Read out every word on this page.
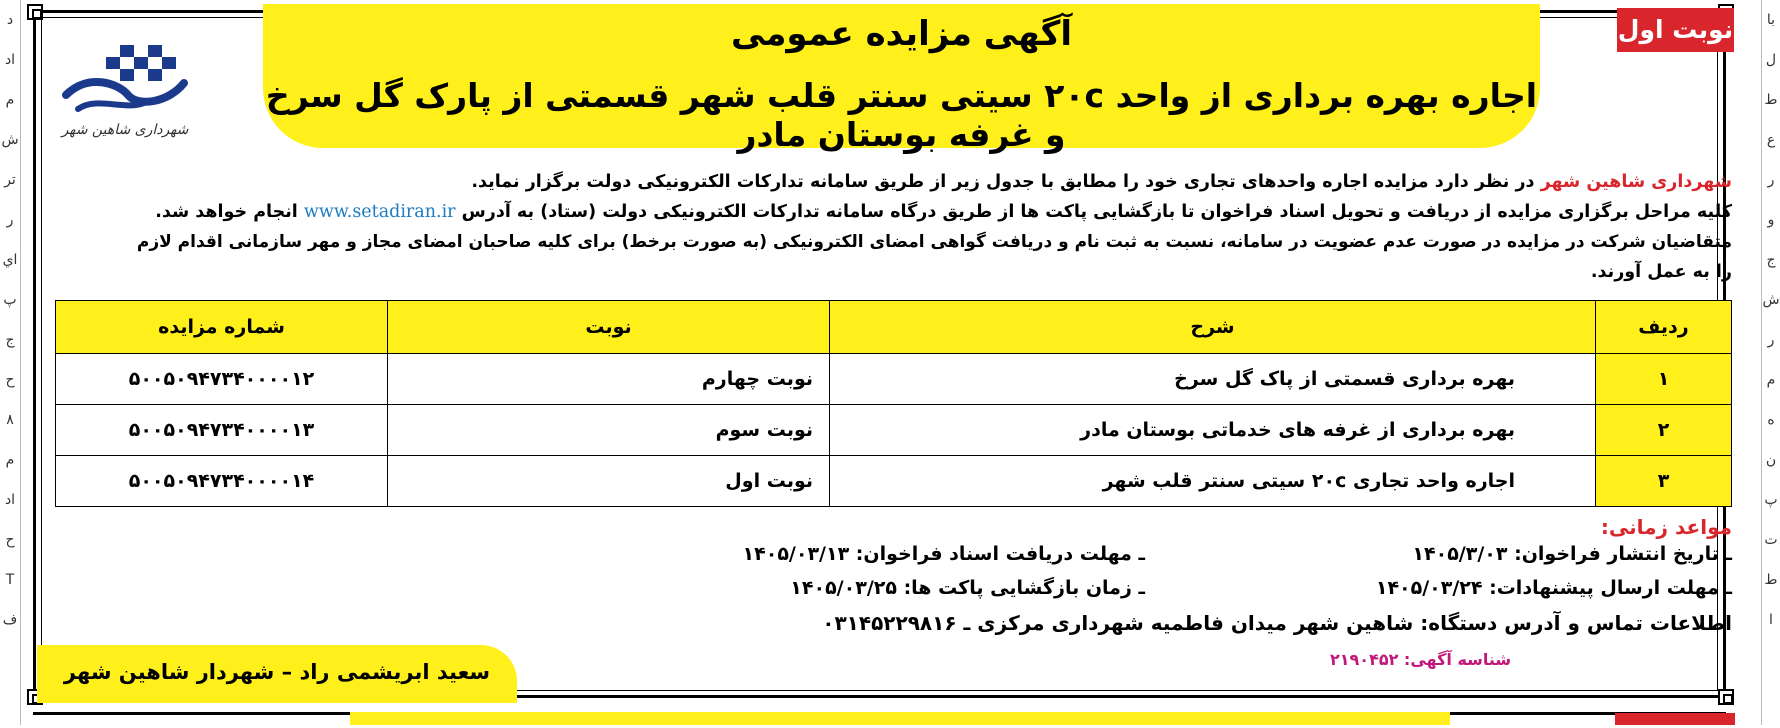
د
اد
م
ش
تر
ر
اي
پ
ج
ح
٨
م
اد
ح
T
ف
با
ل
ط
ع
ر
و
ج
ش
ر
م
ه
ن
پ
ت
ط
ا
آگهی مزایده عمومی
اجاره بهره برداری از واحد ۲۰c سیتی سنتر قلب شهر قسمتی از پارک گل سرخ و غرفه بوستان مادر
نوبت اول
شهرداری شاهین شهر
شهرداری شاهین شهر در نظر دارد مزایده اجاره واحدهای تجاری خود را مطابق با جدول زیر از طریق سامانه تدارکات الکترونیکی دولت برگزار نماید.
کلیه مراحل برگزاری مزایده از دریافت و تحویل اسناد فراخوان تا بازگشایی پاکت ها از طریق درگاه سامانه تدارکات الکترونیکی دولت (ستاد) به آدرس www.setadiran.ir انجام خواهد شد.
متقاضیان شرکت در مزایده در صورت عدم عضویت در سامانه، نسبت به ثبت نام و دریافت گواهی امضای الکترونیکی (به صورت برخط) برای کلیه صاحبان امضای مجاز و مهر سازمانی اقدام لازم
را به عمل آورند.
ردیف	شرح	نوبت	شماره مزایده
۱	بهره برداری قسمتی از پاک گل سرخ	نوبت چهارم	۵۰۰۵۰۹۴۷۳۴۰۰۰۰۱۲
۲	بهره برداری از غرفه های خدماتی بوستان مادر	نوبت سوم	۵۰۰۵۰۹۴۷۳۴۰۰۰۰۱۳
۳	اجاره واحد تجاری ۲۰c سیتی سنتر قلب شهر	نوبت اول	۵۰۰۵۰۹۴۷۳۴۰۰۰۰۱۴
مواعد زمانی:
ـ تاریخ انتشار فراخوان: ۱۴۰۵/۳/۰۳
ـ مهلت دریافت اسناد فراخوان: ۱۴۰۵/۰۳/۱۳
ـ مهلت ارسال پیشنهادات: ۱۴۰۵/۰۳/۲۴
ـ زمان بازگشایی پاکت ها: ۱۴۰۵/۰۳/۲۵
اطلاعات تماس و آدرس دستگاه: شاهین شهر میدان فاطمیه شهرداری مرکزی ـ ۰۳۱۴۵۲۲۹۸۱۶
شناسه آگهی: ۲۱۹۰۴۵۲
سعید ابریشمی راد – شهردار شاهین شهر
